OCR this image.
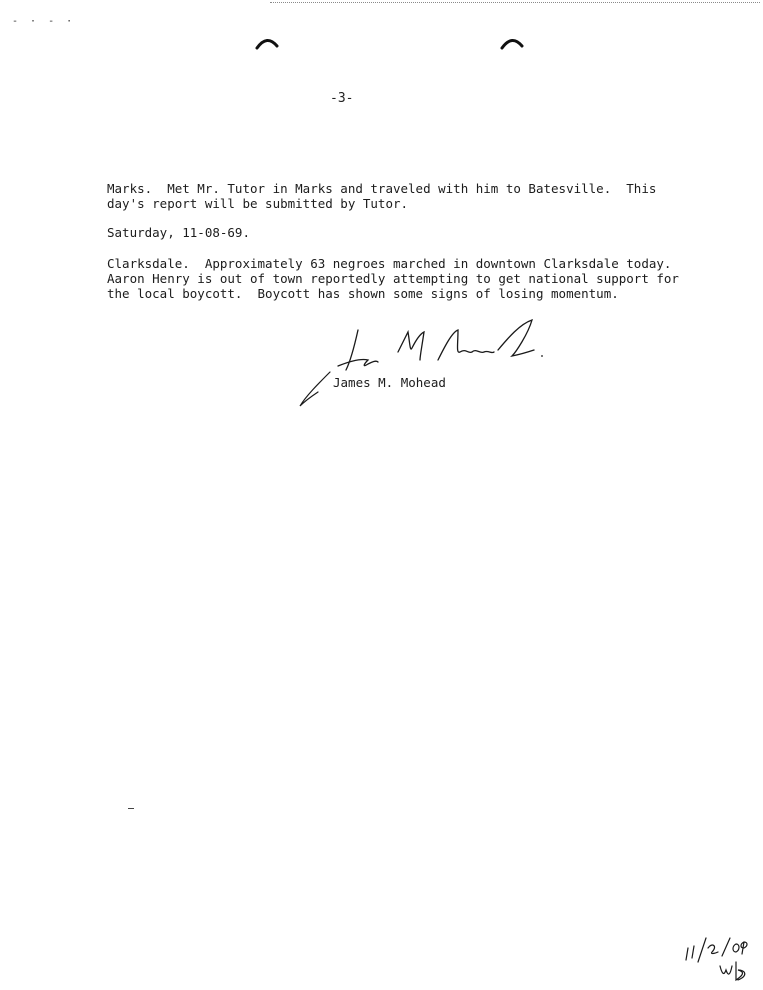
- · - ·
-3-
Marks.  Met Mr. Tutor in Marks and traveled with him to Batesville.  This
day's report will be submitted by Tutor.
Saturday, 11-08-69.
Clarksdale.  Approximately 63 negroes marched in downtown Clarksdale today.
Aaron Henry is out of town reportedly attempting to get national support for
the local boycott.  Boycott has shown some signs of losing momentum.
James M. Mohead
